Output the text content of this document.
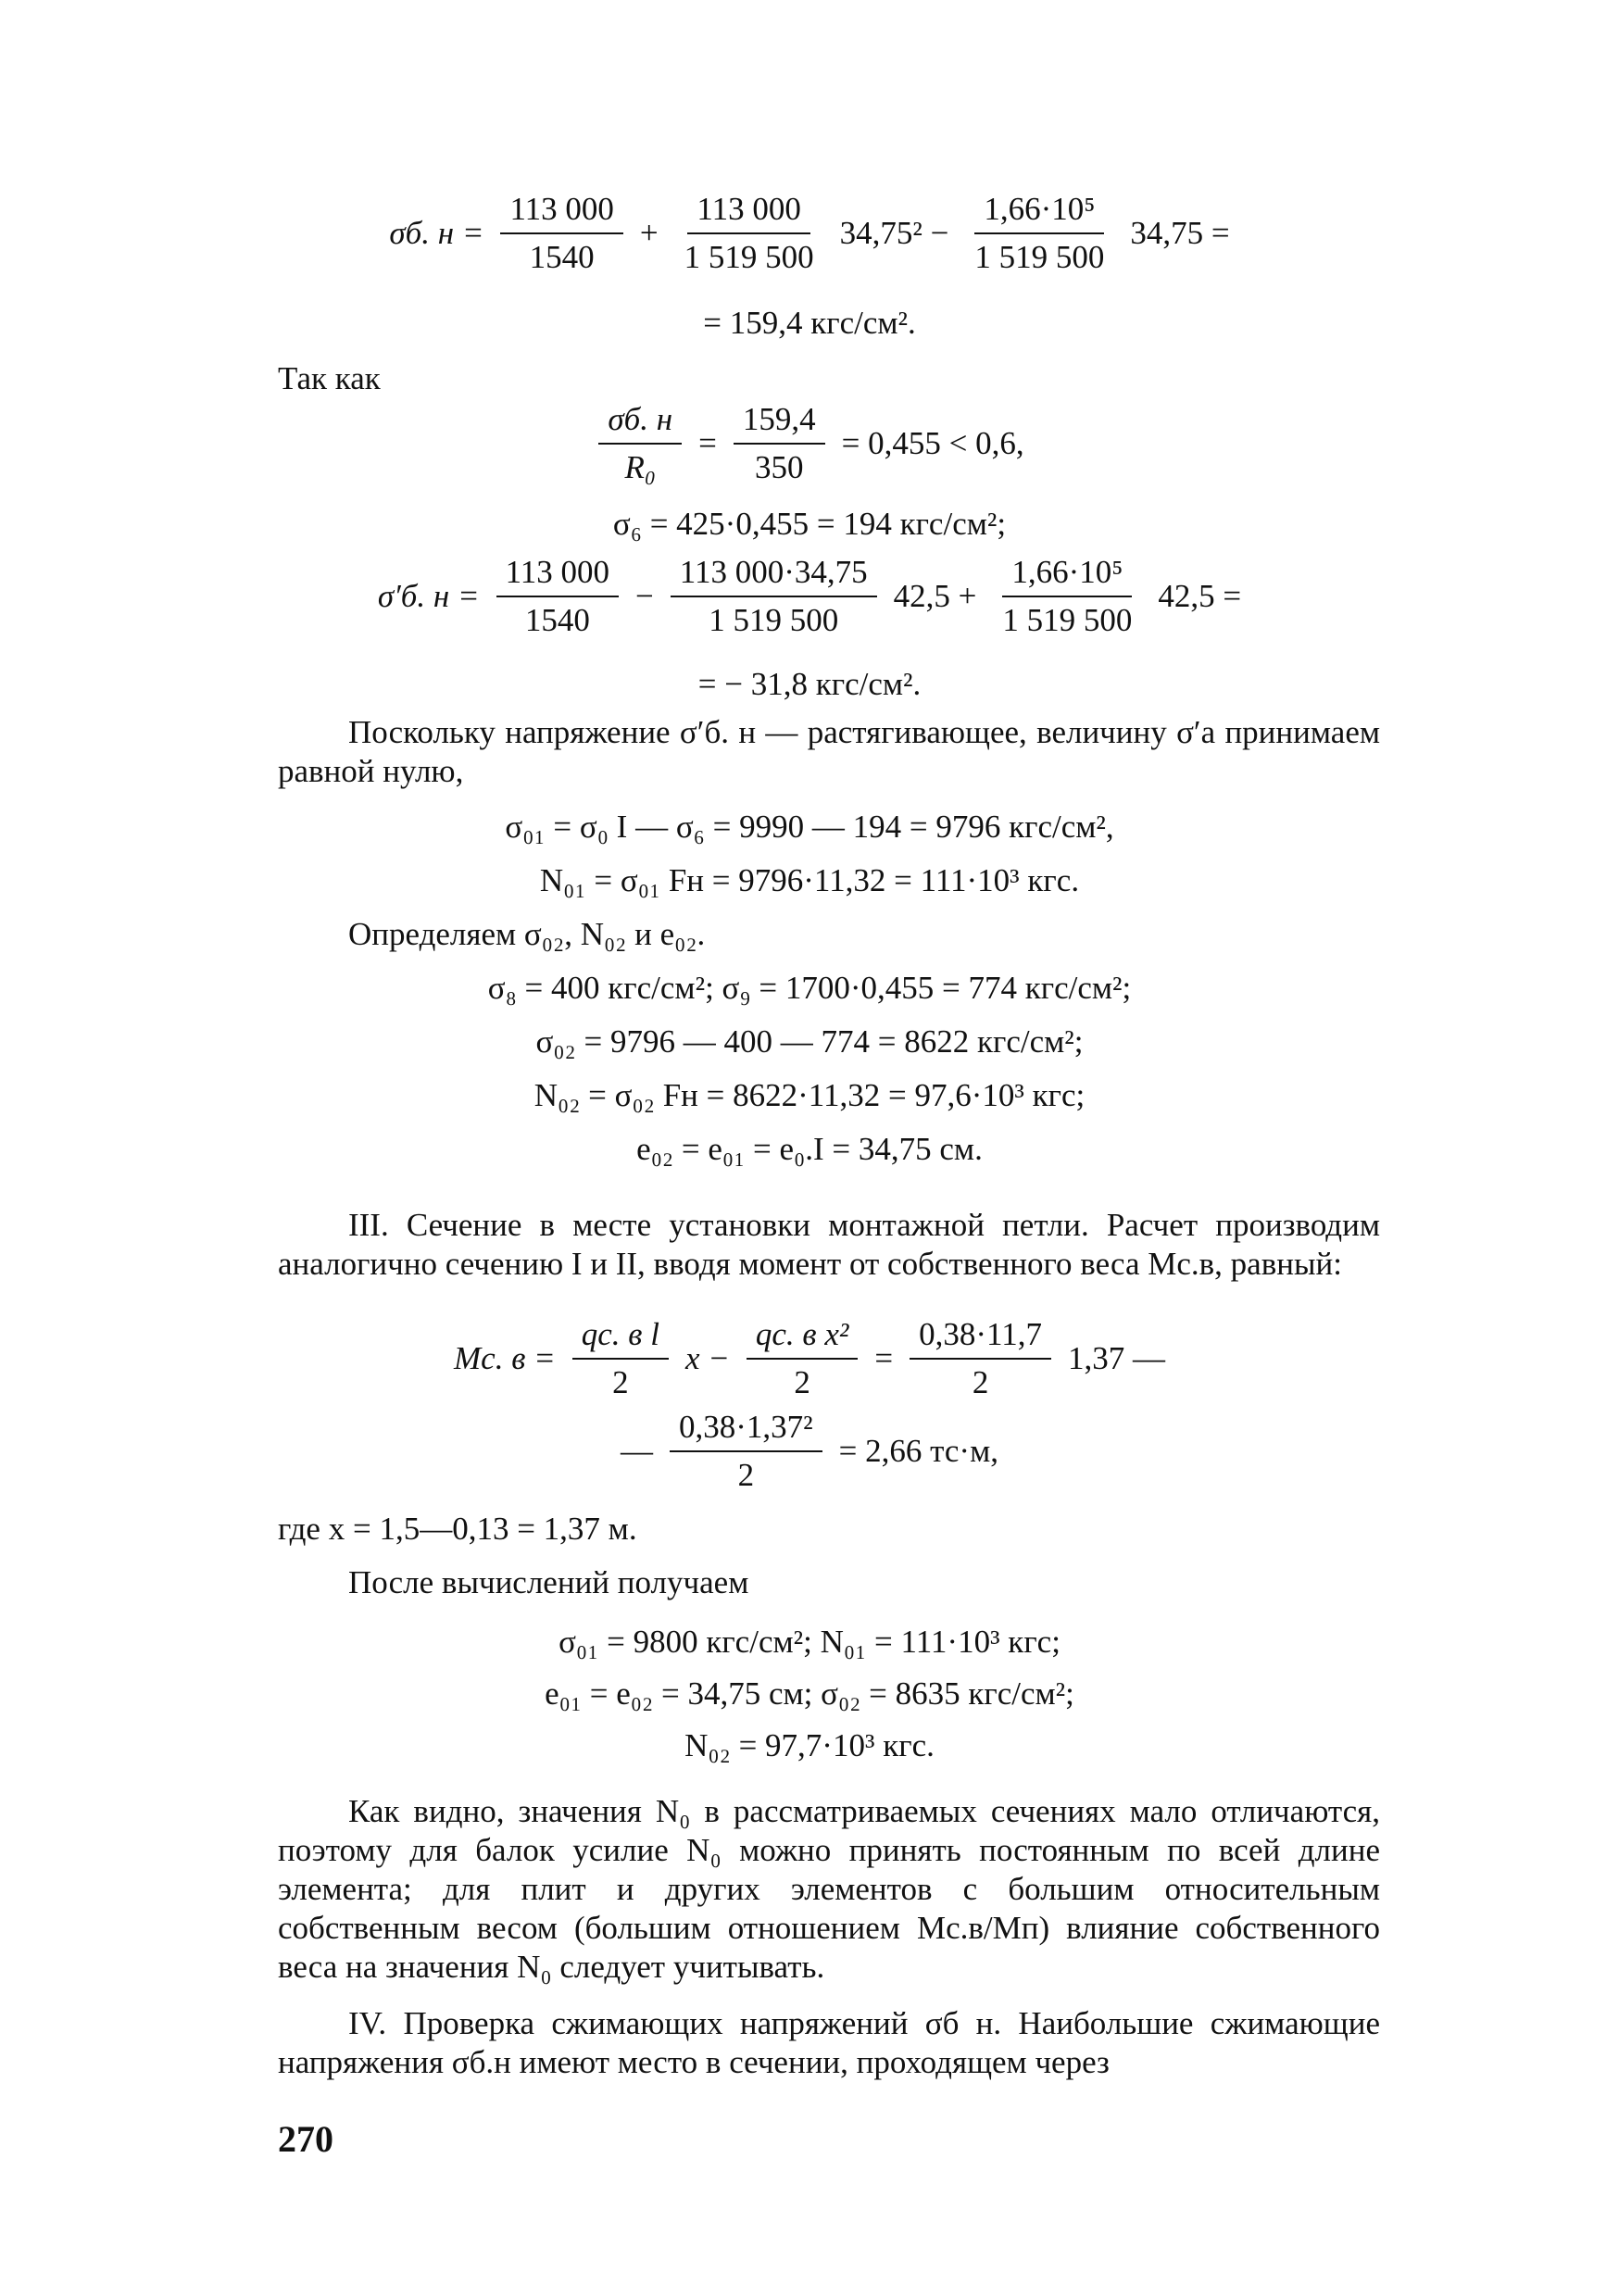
σб. $н = \frac{113 000}{1540} + \frac{113 000}{1 519 500} 34,75^2 - \frac{\text{1,66·10⁵}}{1 519 500} 34,75$ =
= 159,4 кгс/см².
Так как
$\frac{\sigma б. н}{\text{R₀}} = \frac{159,4}{350} = 0,455 < 0,6$,
σ₆ = 425·0,455 = 194 кгс/см²;
σ′б. $н = \frac{113 000}{1540} - \frac{113 000\cdot 34,75}{1 519 500} 42,5 + \frac{\text{1,66·10⁵}}{1 519 500} 42,5$ =
= − 31,8 кгс/см².
Поскольку напряжение σ′б. н — растягивающее, величину σ′а принимаем равной нулю,
σ₀₁ = σ₀ I — σ₆ = 9990 — 194 = 9796 кгс/см²,
N₀₁ = σ₀₁ Fн = 9796·11,32 = 111·10³ кгс.
Определяем σ₀₂, N₀₂ и e₀₂.
σ₈ = 400 кгс/см²; σ₉ = 1700·0,455 = 774 кгс/см²;
σ₀₂ = 9796 — 400 — 774 = 8622 кгс/см²;
N₀₂ = σ₀₂ Fн = 8622·11,32 = 97,6·10³ кгс;
e₀₂ = e₀₁ = e₀.I = 34,75 см.
III. Сечение в месте установки монтажной петли. Расчет производим аналогично сечению I и II, вводя момент от собственного веса Mс.в, равный:
Mс. $в = \frac{\text{qс. в l}}{2}$ $x - \frac{\text{qс. в x²}}{2} = \frac{0,38\cdot 11,7}{2} 1,37$ —
— $\frac{\text{0,38·1,37²}}{2} = 2,66$ тс·м,
где x = 1,5—0,13 = 1,37 м.
После вычислений получаем
σ₀₁ = 9800 кгс/см²; N₀₁ = 111·10³ кгс;
e₀₁ = e₀₂ = 34,75 см; σ₀₂ = 8635 кгс/см²;
N₀₂ = 97,7·10³ кгс.
Как видно, значения N₀ в рассматриваемых сечениях мало отличаются, поэтому для балок усилие N₀ можно принять постоянным по всей длине элемента; для плит и других элементов с большим относительным собственным весом (большим отношением Mс.в/Mп) влияние собственного веса на значения N₀ следует учитывать.
IV. Проверка сжимающих напряжений σб н. Наибольшие сжимающие напряжения σб.н имеют место в сечении, проходящем через
270
